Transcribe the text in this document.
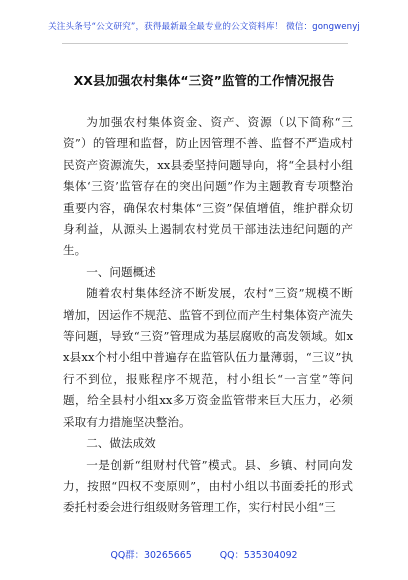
关注头条号“公文研究”，获得最新最全最专业的公文资料库！ 微信：gongwenyj
XX县加强农村集体“三资”监管的工作情况报告

为加强农村集体资金、资产、资源（以下简称“三资”）的管理和监督，防止因管理不善、监督不严造成村民资产资源流失，xx县委坚持问题导向，将“全县村小组集体‘三资’监管存在的突出问题”作为主题教育专项整治重要内容，确保农村集体“三资”保值增值，维护群众切身利益，从源头上遏制农村党员干部违法违纪问题的产生。

一、问题概述

随着农村集体经济不断发展，农村“三资”规模不断增加，因运作不规范、监管不到位而产生村集体资产流失等问题，导致“三资”管理成为基层腐败的高发领域。如xx县xx个村小组中普遍存在监管队伍力量薄弱，“三议”执行不到位，报账程序不规范，村小组长“一言堂”等问题，给全县村小组xx多万资金监管带来巨大压力，必须采取有力措施坚决整治。

二、做法成效

一是创新“组财村代管”模式。县、乡镇、村同向发力，按照“四权不变原则”，由村小组以书面委托的形式委托村委会进行组级财务管理工作，实行村民小组“三

QQ群：30265665	QQ：535304092
